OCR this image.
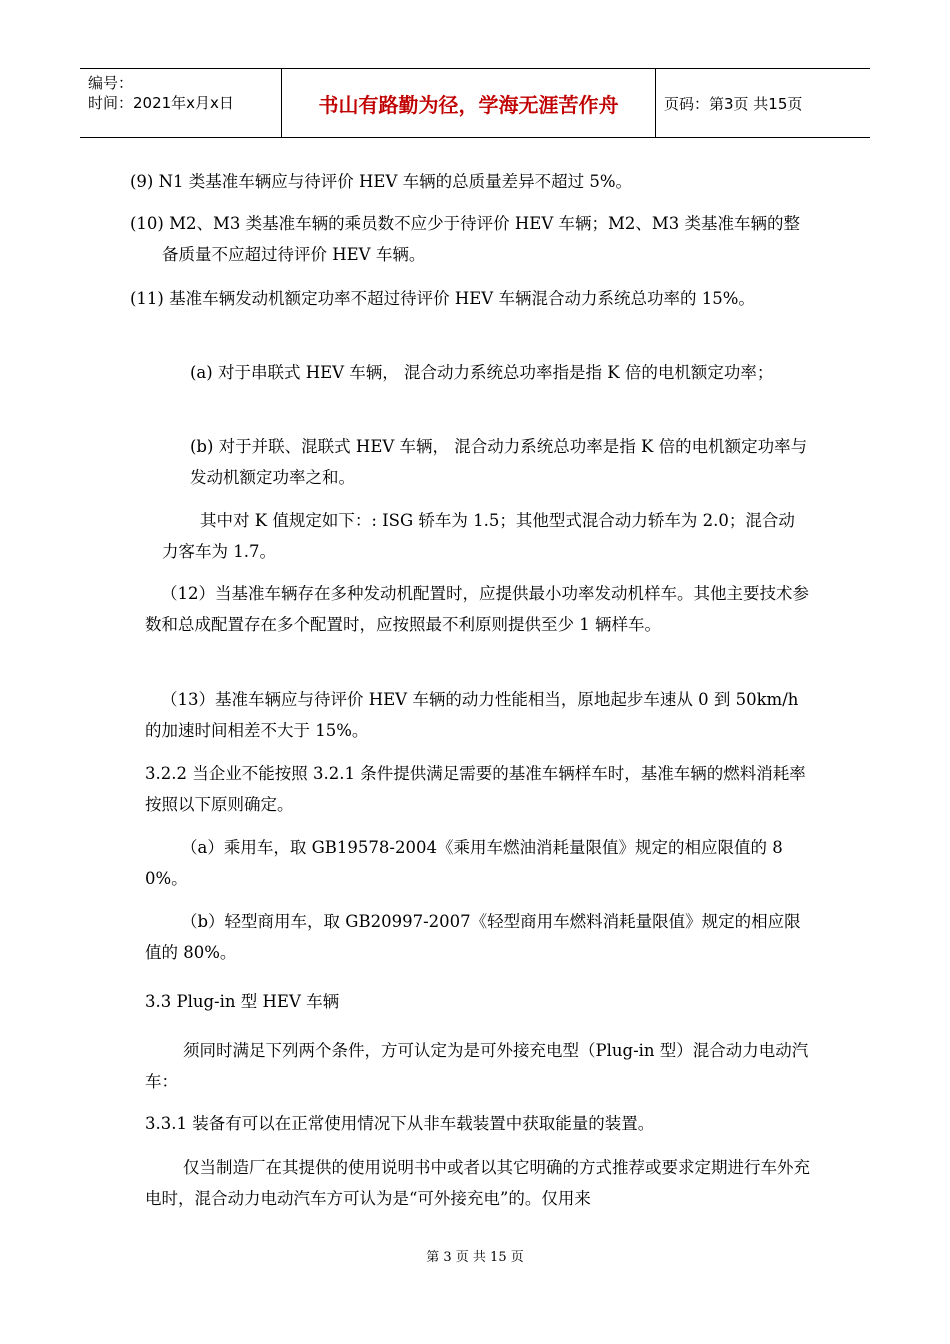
编号：
时间：2021年x月x日	书山有路勤为径，学海无涯苦作舟	页码：第3页 共15页

(9) N1 类基准车辆应与待评价 HEV 车辆的总质量差异不超过 5%。

(10) M2、M3 类基准车辆的乘员数不应少于待评价 HEV 车辆；M2、M3 类基准车辆的整备质量不应超过待评价 HEV 车辆。

(11) 基准车辆发动机额定功率不超过待评价 HEV 车辆混合动力系统总功率的 15%。

(a) 对于串联式 HEV 车辆， 混合动力系统总功率指是指 K 倍的电机额定功率；

(b) 对于并联、混联式 HEV 车辆， 混合动力系统总功率是指 K 倍的电机额定功率与发动机额定功率之和。

其中对 K 值规定如下：: ISG 轿车为 1.5；其他型式混合动力轿车为 2.0；混合动力客车为 1.7。

（12）当基准车辆存在多种发动机配置时，应提供最小功率发动机样车。其他主要技术参数和总成配置存在多个配置时，应按照最不利原则提供至少 1 辆样车。

（13）基准车辆应与待评价 HEV 车辆的动力性能相当，原地起步车速从 0 到 50km/h 的加速时间相差不大于 15%。

3.2.2 当企业不能按照 3.2.1 条件提供满足需要的基准车辆样车时，基准车辆的燃料消耗率按照以下原则确定。

（a）乘用车，取 GB19578-2004《乘用车燃油消耗量限值》规定的相应限值的 80%。

（b）轻型商用车，取 GB20997-2007《轻型商用车燃料消耗量限值》规定的相应限值的 80%。

3.3 Plug-in 型 HEV 车辆

须同时满足下列两个条件，方可认定为是可外接充电型（Plug-in 型）混合动力电动汽车：

3.3.1 装备有可以在正常使用情况下从非车载装置中获取能量的装置。

仅当制造厂在其提供的使用说明书中或者以其它明确的方式推荐或要求定期进行车外充电时，混合动力电动汽车方可认为是“可外接充电”的。仅用来

第 3 页 共 15 页
